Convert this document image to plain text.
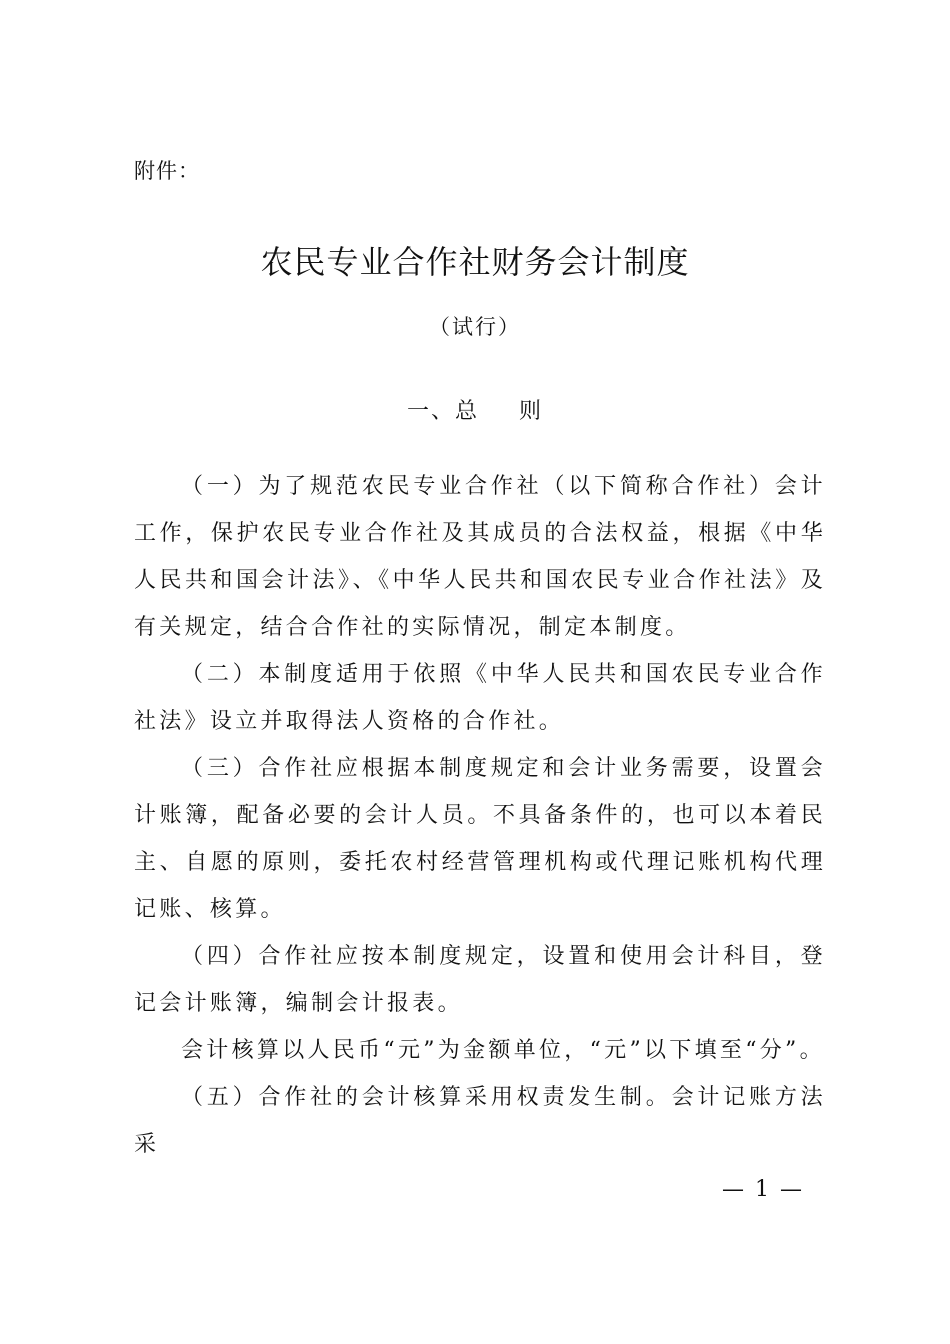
附件：
农民专业合作社财务会计制度
（试行）
一、总 则

（一）为了规范农民专业合作社（以下简称合作社）会计工作，保护农民专业合作社及其成员的合法权益，根据《中华人民共和国会计法》、《中华人民共和国农民专业合作社法》及有关规定，结合合作社的实际情况，制定本制度。

（二）本制度适用于依照《中华人民共和国农民专业合作社法》设立并取得法人资格的合作社。

（三）合作社应根据本制度规定和会计业务需要，设置会计账簿，配备必要的会计人员。不具备条件的，也可以本着民主、自愿的原则，委托农村经营管理机构或代理记账机构代理记账、核算。

（四）合作社应按本制度规定，设置和使用会计科目，登记会计账簿，编制会计报表。

会计核算以人民币“元”为金额单位，“元”以下填至“分”。

（五）合作社的会计核算采用权责发生制。会计记账方法采

— 1 —
